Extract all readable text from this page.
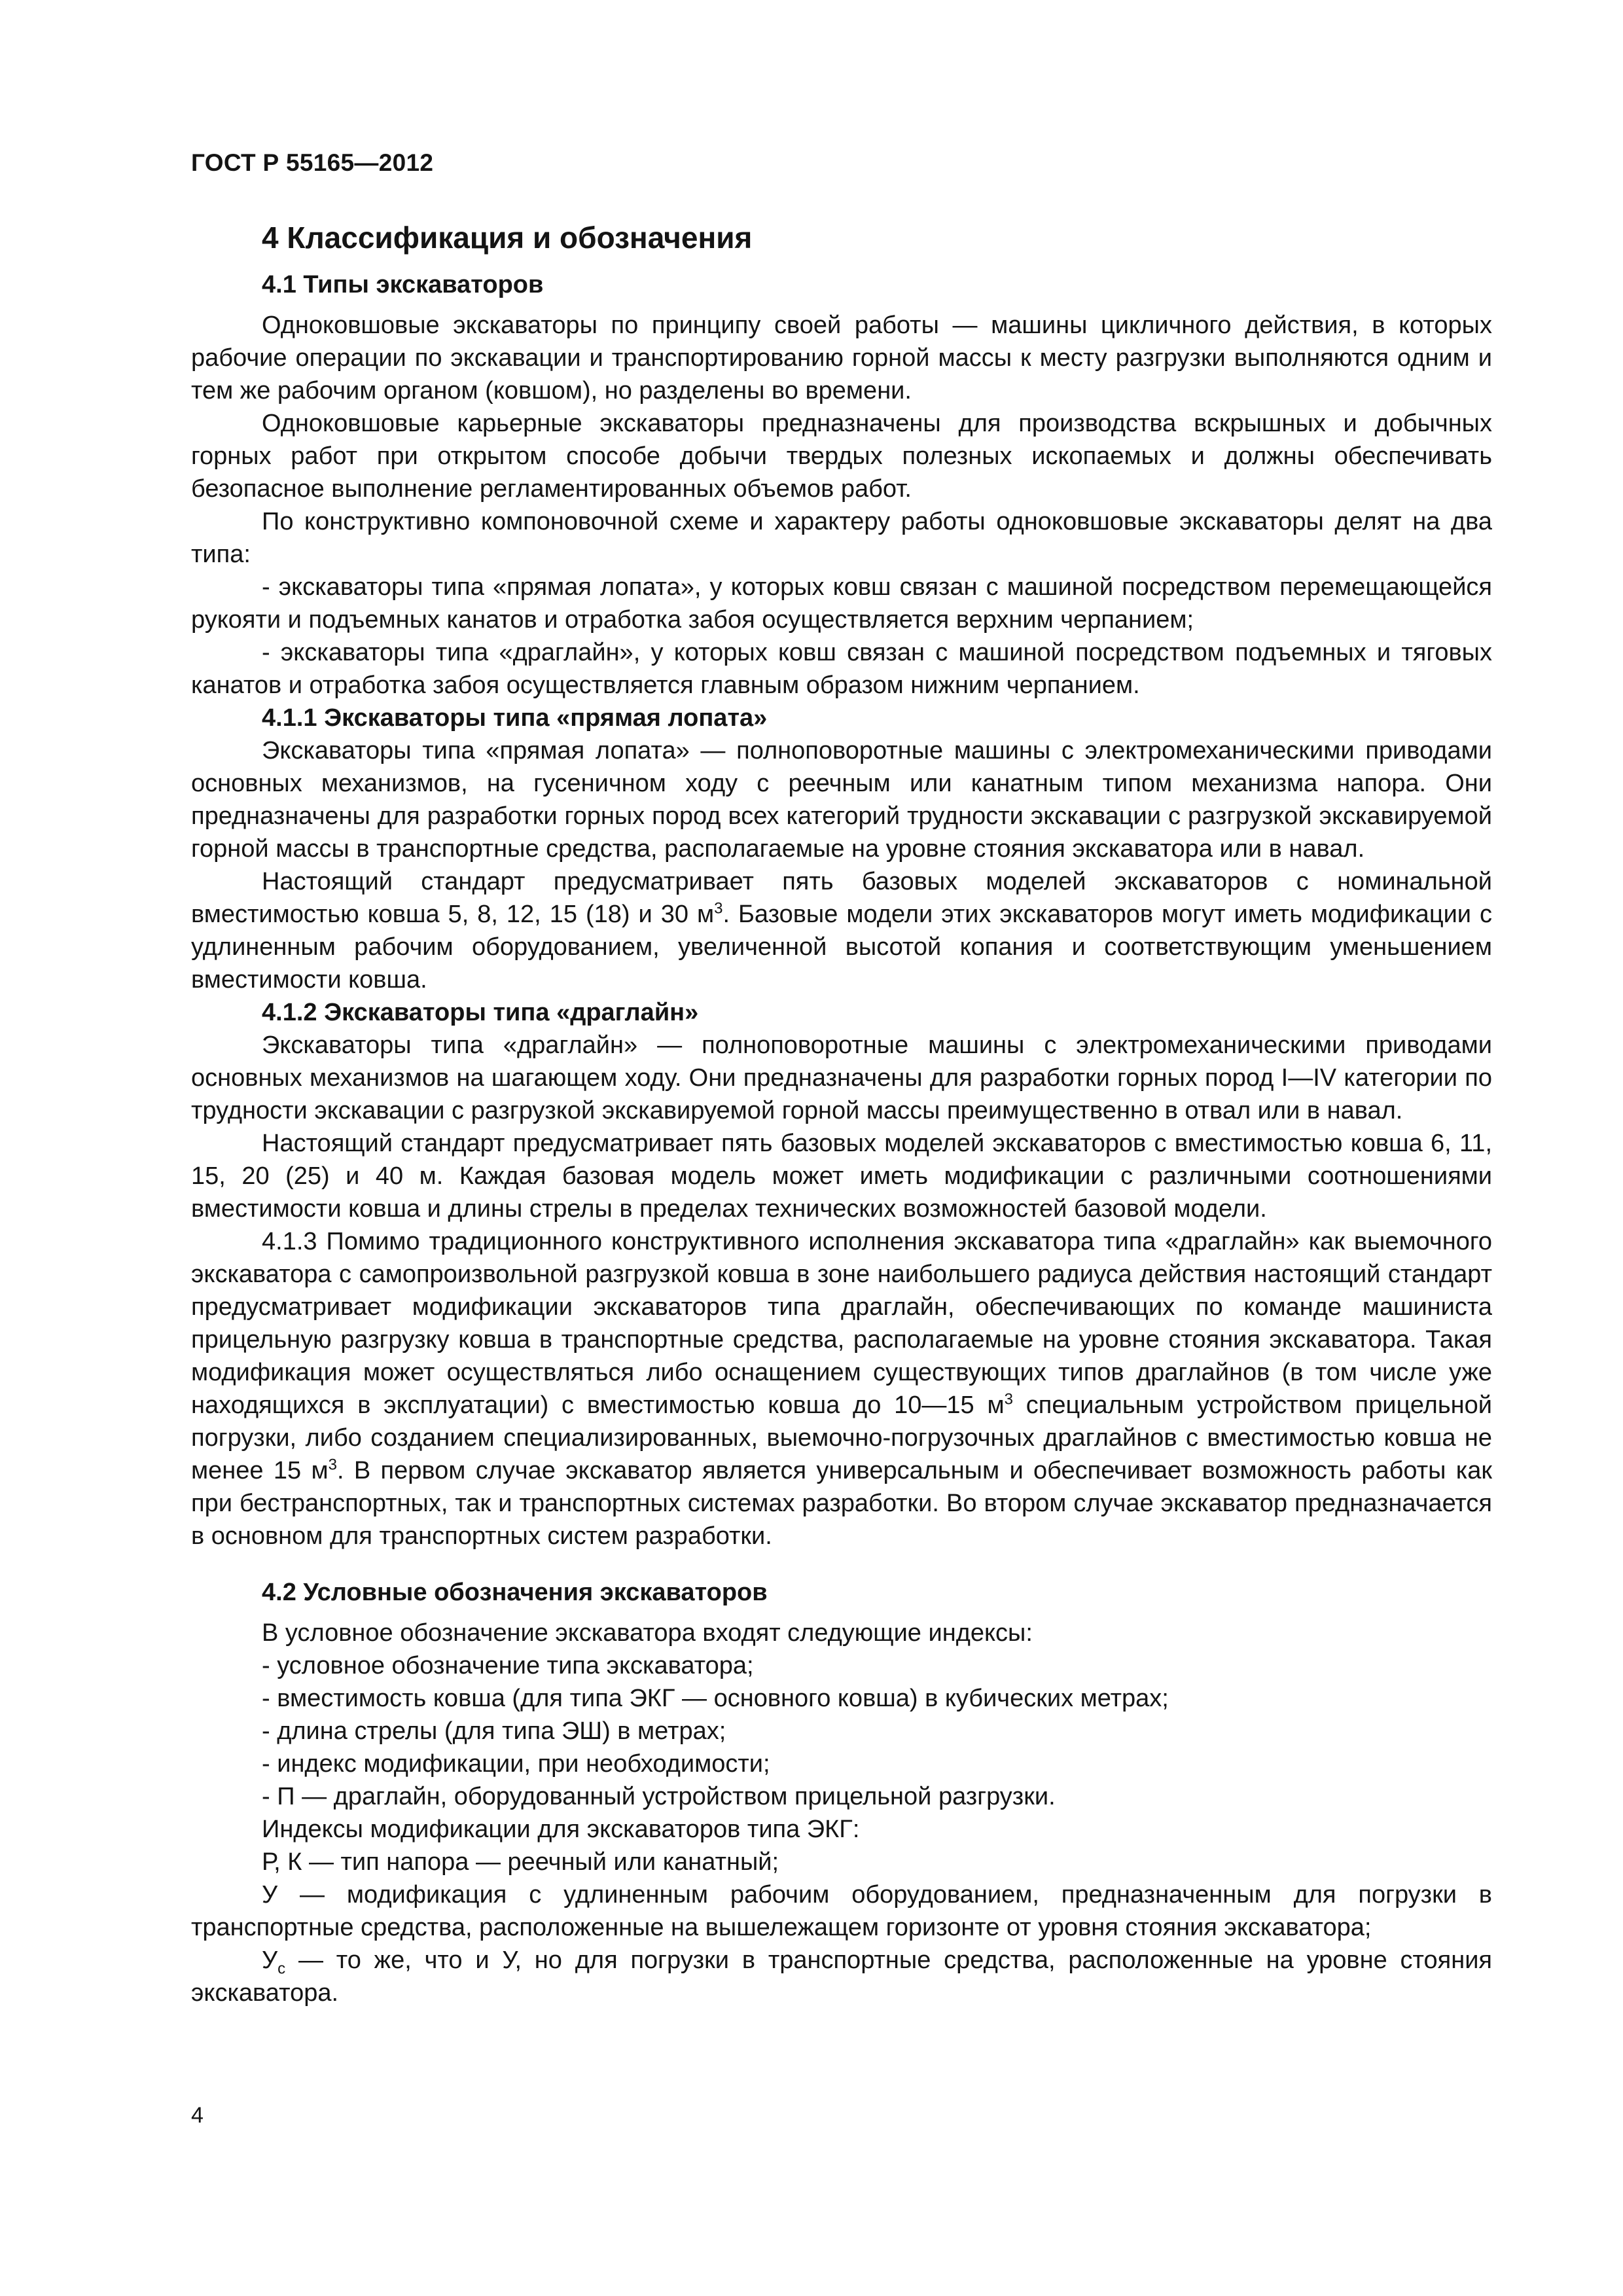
ГОСТ Р 55165—2012
4 Классификация и обозначения
4.1 Типы экскаваторов

Одноковшовые экскаваторы по принципу своей работы — машины цикличного действия, в которых рабочие операции по экскавации и транспортированию горной массы к месту разгрузки выполняются одним и тем же рабочим органом (ковшом), но разделены во времени.

Одноковшовые карьерные экскаваторы предназначены для производства вскрышных и добычных горных работ при открытом способе добычи твердых полезных ископаемых и должны обеспечивать безопасное выполнение регламентированных объемов работ.

По конструктивно компоновочной схеме и характеру работы одноковшовые экскаваторы делят на два типа:

- экскаваторы типа «прямая лопата», у которых ковш связан с машиной посредством перемещающейся рукояти и подъемных канатов и отработка забоя осуществляется верхним черпанием;

- экскаваторы типа «драглайн», у которых ковш связан с машиной посредством подъемных и тяговых канатов и отработка забоя осуществляется главным образом нижним черпанием.

4.1.1 Экскаваторы типа «прямая лопата»

Экскаваторы типа «прямая лопата» — полноповоротные машины с электромеханическими приводами основных механизмов, на гусеничном ходу с реечным или канатным типом механизма напора. Они предназначены для разработки горных пород всех категорий трудности экскавации с разгрузкой экскавируемой горной массы в транспортные средства, располагаемые на уровне стояния экскаватора или в навал.

Настоящий стандарт предусматривает пять базовых моделей экскаваторов с номинальной вместимостью ковша 5, 8, 12, 15 (18) и 30 $м^3$. Базовые модели этих экскаваторов могут иметь модификации с удлиненным рабочим оборудованием, увеличенной высотой копания и соответствующим уменьшением вместимости ковша.

4.1.2 Экскаваторы типа «драглайн»

Экскаваторы типа «драглайн» — полноповоротные машины с электромеханическими приводами основных механизмов на шагающем ходу. Они предназначены для разработки горных пород I—IV категории по трудности экскавации с разгрузкой экскавируемой горной массы преимущественно в отвал или в навал.

Настоящий стандарт предусматривает пять базовых моделей экскаваторов с вместимостью ковша 6, 11, 15, 20 (25) и 40 м. Каждая базовая модель может иметь модификации с различными соотношениями вместимости ковша и длины стрелы в пределах технических возможностей базовой модели.

4.1.3 Помимо традиционного конструктивного исполнения экскаватора типа «драглайн» как выемочного экскаватора с самопроизвольной разгрузкой ковша в зоне наибольшего радиуса действия настоящий стандарт предусматривает модификации экскаваторов типа драглайн, обеспечивающих по команде машиниста прицельную разгрузку ковша в транспортные средства, располагаемые на уровне стояния экскаватора. Такая модификация может осуществляться либо оснащением существующих типов драглайнов (в том числе уже находящихся в эксплуатации) с вместимостью ковша до 10—15 $м^3$ специальным устройством прицельной погрузки, либо созданием специализированных, выемочно-погрузочных драглайнов с вместимостью ковша не менее 15 $м^3$. В первом случае экскаватор является универсальным и обеспечивает возможность работы как при бестранспортных, так и транспортных системах разработки. Во втором случае экскаватор предназначается в основном для транспортных систем разработки.

4.2 Условные обозначения экскаваторов

В условное обозначение экскаватора входят следующие индексы:

- условное обозначение типа экскаватора;

- вместимость ковша (для типа ЭКГ — основного ковша) в кубических метрах;

- длина стрелы (для типа ЭШ) в метрах;

- индекс модификации, при необходимости;

- П — драглайн, оборудованный устройством прицельной разгрузки.

Индексы модификации для экскаваторов типа ЭКГ:

Р, К — тип напора — реечный или канатный;

У — модификация с удлиненным рабочим оборудованием, предназначенным для погрузки в транспортные средства, расположенные на вышележащем горизонте от уровня стояния экскаватора;

$У_с$ — то же, что и У, но для погрузки в транспортные средства, расположенные на уровне стояния экскаватора.

4
